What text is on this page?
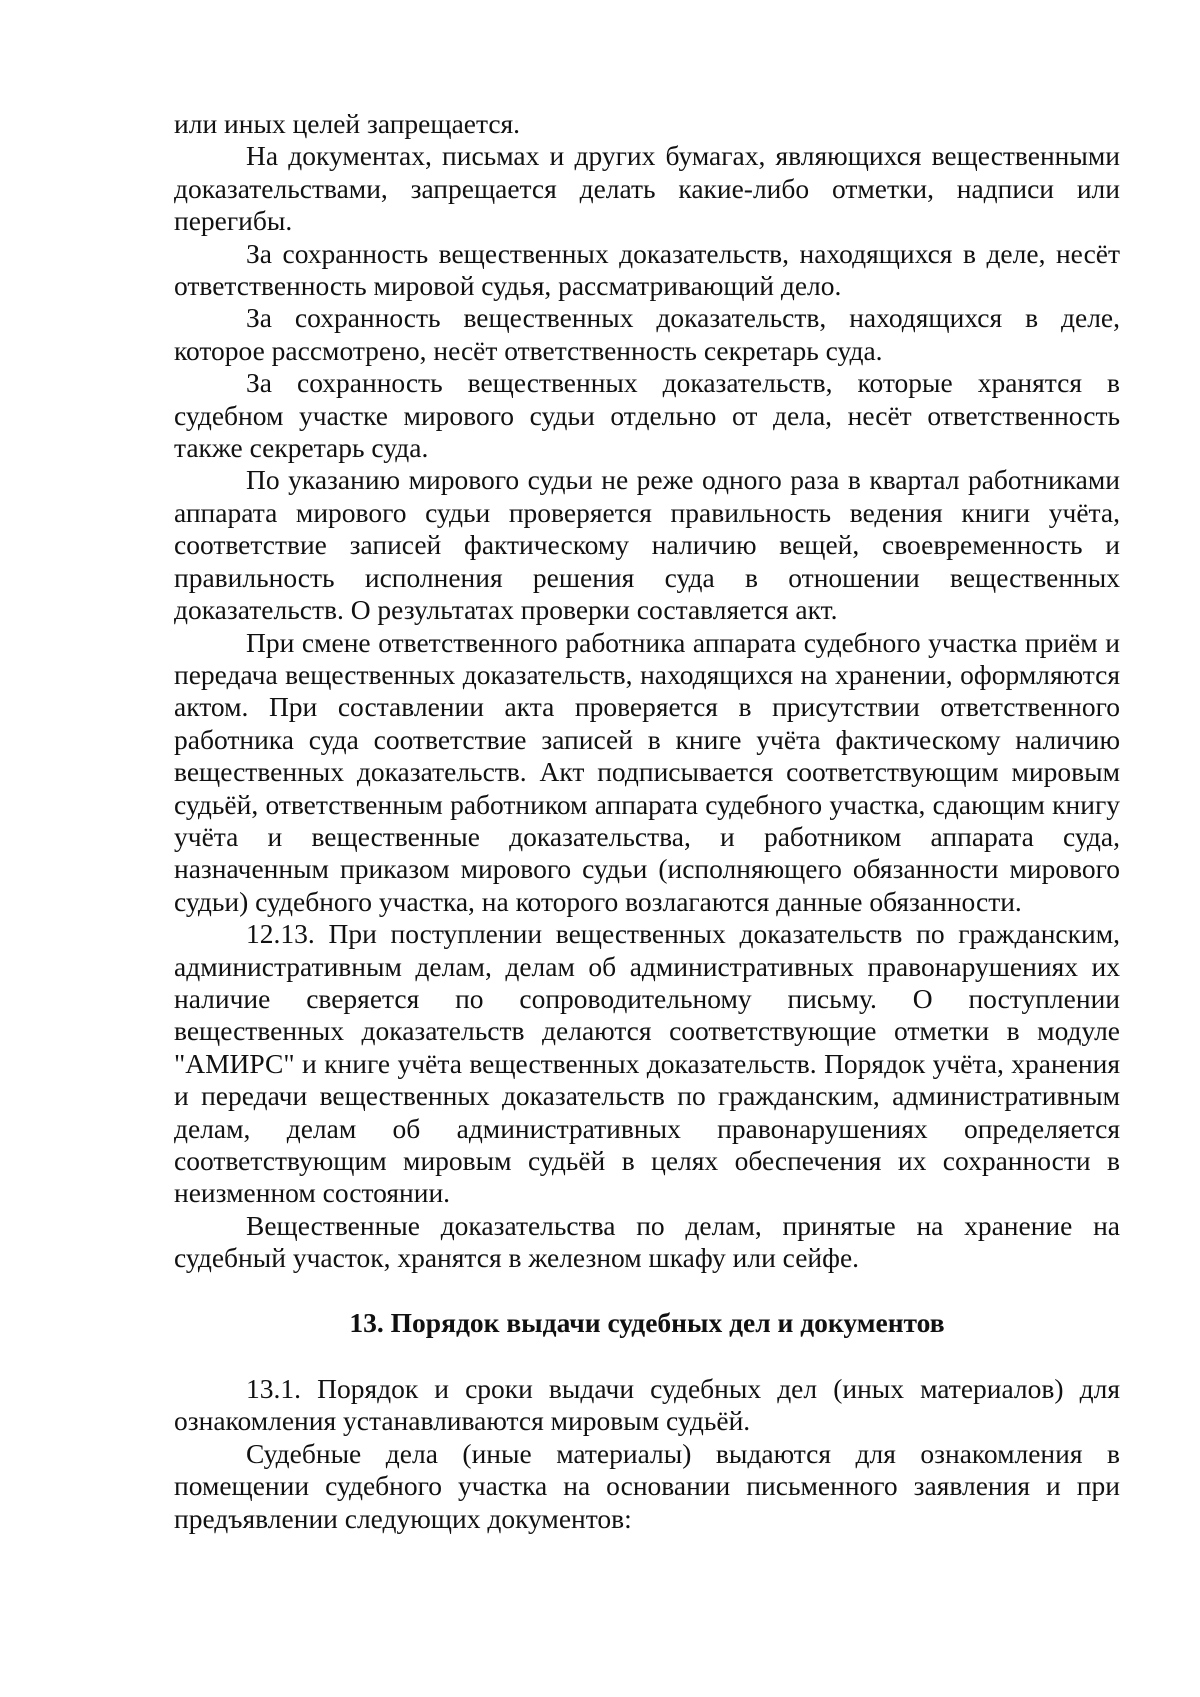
или иных целей запрещается.

На документах, письмах и других бумагах, являющихся вещественными доказательствами, запрещается делать какие-либо отметки, надписи или перегибы.

За сохранность вещественных доказательств, находящихся в деле, несёт ответственность мировой судья, рассматривающий дело.

За сохранность вещественных доказательств, находящихся в деле, которое рассмотрено, несёт ответственность секретарь суда.

За сохранность вещественных доказательств, которые хранятся в судебном участке мирового судьи отдельно от дела, несёт ответственность также секретарь суда.

По указанию мирового судьи не реже одного раза в квартал работниками аппарата мирового судьи проверяется правильность ведения книги учёта, соответствие записей фактическому наличию вещей, своевременность и правильность исполнения решения суда в отношении вещественных доказательств. О результатах проверки составляется акт.

При смене ответственного работника аппарата судебного участка приём и передача вещественных доказательств, находящихся на хранении, оформляются актом. При составлении акта проверяется в присутствии ответственного работника суда соответствие записей в книге учёта фактическому наличию вещественных доказательств. Акт подписывается соответствующим мировым судьёй, ответственным работником аппарата судебного участка, сдающим книгу учёта и вещественные доказательства, и работником аппарата суда, назначенным приказом мирового судьи (исполняющего обязанности мирового судьи) судебного участка, на которого возлагаются данные обязанности.

12.13. При поступлении вещественных доказательств по гражданским, административным делам, делам об административных правонарушениях их наличие сверяется по сопроводительному письму. О поступлении вещественных доказательств делаются соответствующие отметки в модуле "АМИРС" и книге учёта вещественных доказательств. Порядок учёта, хранения и передачи вещественных доказательств по гражданским, административным делам, делам об административных правонарушениях определяется соответствующим мировым судьёй в целях обеспечения их сохранности в неизменном состоянии.

Вещественные доказательства по делам, принятые на хранение на судебный участок, хранятся в железном шкафу или сейфе.

13. Порядок выдачи судебных дел и документов

13.1. Порядок и сроки выдачи судебных дел (иных материалов) для ознакомления устанавливаются мировым судьёй.

Судебные дела (иные материалы) выдаются для ознакомления в помещении судебного участка на основании письменного заявления и при предъявлении следующих документов:
